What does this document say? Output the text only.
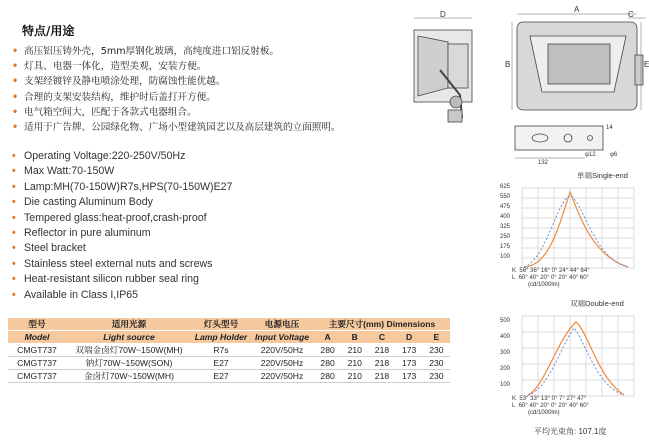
特点/用途
• 高压铝压铸外壳，5mm厚钢化玻璃，高纯度进口铝反射板。
• 灯具、电器一体化，造型美观，安装方便。
• 支架经镀锌及静电喷涂处理，防腐蚀性能优越。
• 合理的支架安装结构，维护时后盖打开方便。
• 电气箱空间大，匹配于各款式电器组合。
• 适用于广告牌、公园绿化物、广场小型建筑园艺以及高层建筑的立面照明。
• Operating Voltage:220-250V/50Hz
• Max Watt:70-150W
• Lamp:MH(70-150W)R7s,HPS(70-150W)E27
• Die casting Aluminum Body
• Tempered glass:heat-proof,crash-proof
• Reflector in pure aluminum
• Steel bracket
• Stainless steel external nuts and screws
• Heat-resistant silicon rubber seal ring
• Available in Class I,IP65
型号	适用光源	灯头型号	电源电压	主要尺寸(mm) Dimensions				
Model	Light source	Lamp Holder	Input Voltage	A	B	C	D	E
CMGT737	双端金卤灯70W~150W(MH)	R7s	220V/50Hz	280	210	218	173	230
CMGT737	钠灯70W~150W(SON)	E27	220V/50Hz	280	210	218	173	230
CMGT737	金卤灯70W~150W(MH)	E27	220V/50Hz	280	210	218	173	230
D
A
C
E
B
14
φ12 φ6
132
单端Single-end
625
550
475
400
325
250
175
100
K 56° 36° 16° 0° 24° 44° 64°
L 60° 40° 20° 0° 20° 40° 60°
(cd/1000lm)
双端Double-end
500
400
300
200
100
K 53° 33° 13° 0° 7° 27° 47°
L 60° 40° 20° 0° 20° 40° 60°
(cd/1000lm)
平均光束角: 107.1度
